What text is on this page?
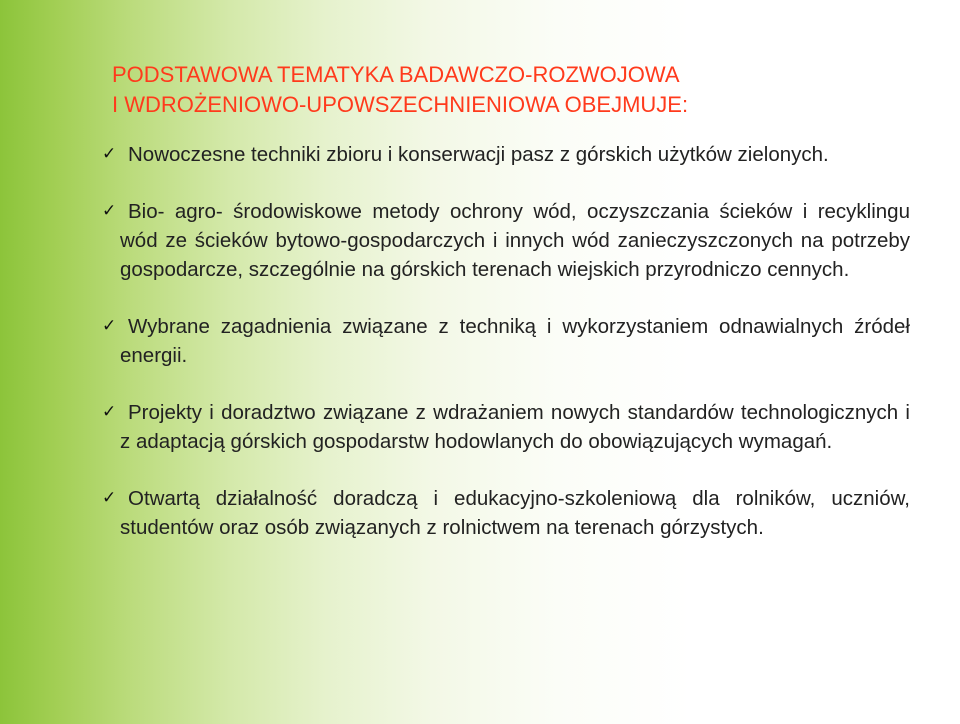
PODSTAWOWA TEMATYKA BADAWCZO-ROZWOJOWA
I WDROŻENIOWO-UPOWSZECHNIENIOWA OBEJMUJE:
✓ Nowoczesne techniki zbioru i konserwacji pasz z górskich użytków zielonych.
✓ Bio- agro- środowiskowe metody ochrony wód, oczyszczania ścieków i recyklingu wód ze ścieków bytowo-gospodarczych i innych wód zanieczyszczonych na potrzeby gospodarcze, szczególnie na górskich terenach wiejskich przyrodniczo cennych.
✓ Wybrane zagadnienia związane z techniką i wykorzystaniem odnawialnych źródeł energii.
✓ Projekty i doradztwo związane z wdrażaniem nowych standardów technologicznych i z adaptacją górskich gospodarstw hodowlanych do obowiązujących wymagań.
✓ Otwartą działalność doradczą i edukacyjno-szkoleniową dla rolników, uczniów, studentów oraz osób związanych z rolnictwem na terenach górzystych.
